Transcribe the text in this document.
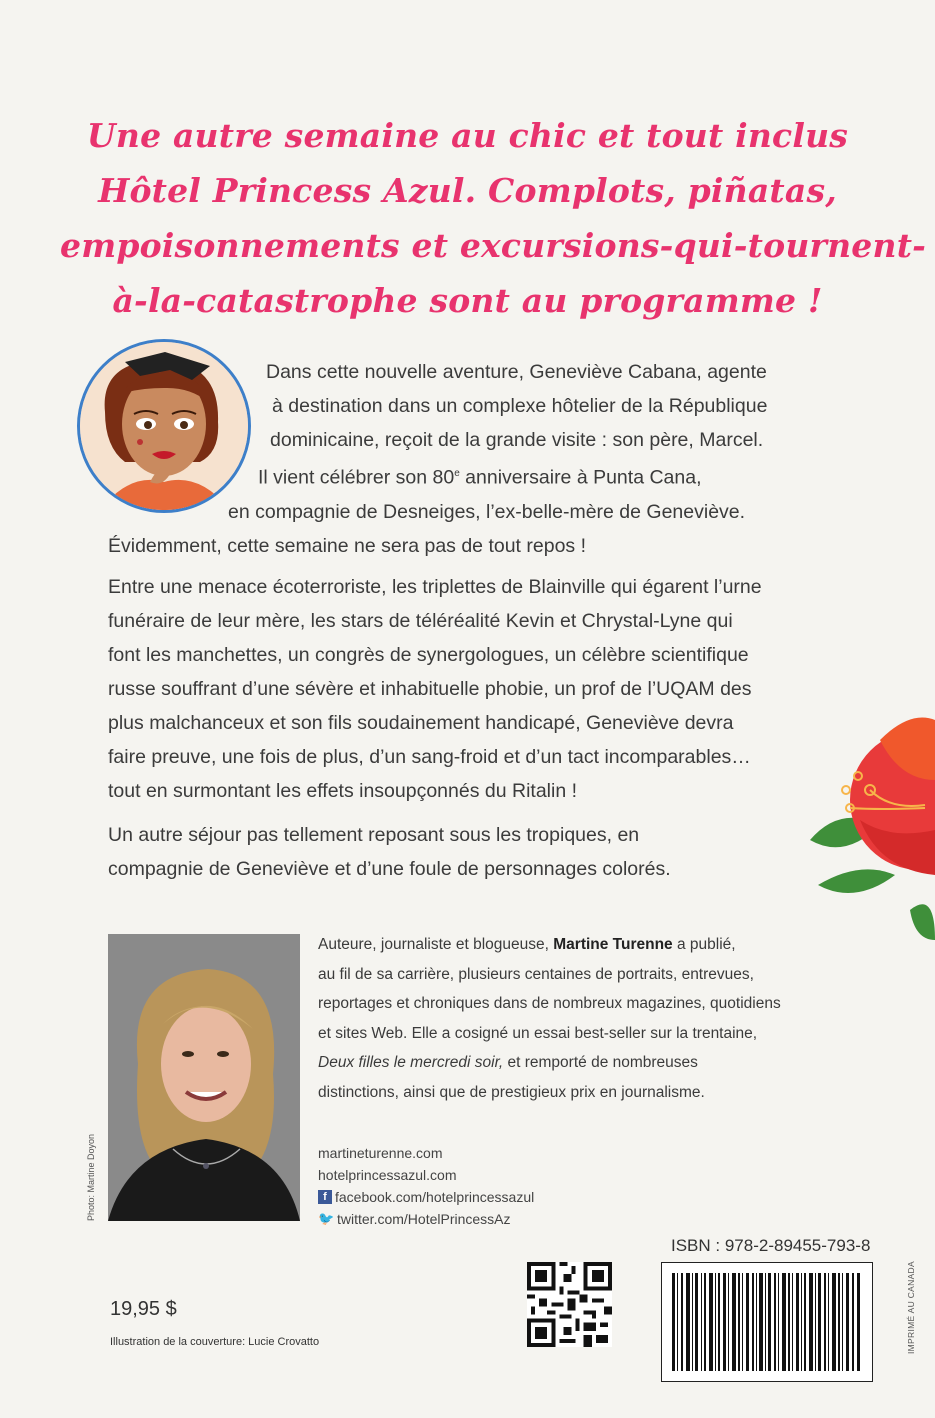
Une autre semaine au chic et tout inclus
Hôtel Princess Azul. Complots, piñatas,
empoisonnements et excursions-qui-tournent-
à-la-catastrophe sont au programme !
Dans cette nouvelle aventure, Geneviève Cabana, agente
à destination dans un complexe hôtelier de la République
dominicaine, reçoit de la grande visite : son père, Marcel.
Il vient célébrer son 80e anniversaire à Punta Cana,
en compagnie de Desneiges, l’ex-belle-mère de Geneviève.
Évidemment, cette semaine ne sera pas de tout repos !
Entre une menace écoterroriste, les triplettes de Blainville qui égarent l’urne
funéraire de leur mère, les stars de téléréalité Kevin et Chrystal-Lyne qui
font les manchettes, un congrès de synergologues, un célèbre scientifique
russe souffrant d’une sévère et inhabituelle phobie, un prof de l’UQAM des
plus malchanceux et son fils soudainement handicapé, Geneviève devra
faire preuve, une fois de plus, d’un sang-froid et d’un tact incomparables…
tout en surmontant les effets insoupçonnés du Ritalin !
Un autre séjour pas tellement reposant sous les tropiques, en
compagnie de Geneviève et d’une foule de personnages colorés.
Photo: Martine Doyon
Auteure, journaliste et blogueuse, Martine Turenne a publié,
au fil de sa carrière, plusieurs centaines de portraits, entrevues,
reportages et chroniques dans de nombreux magazines, quotidiens
et sites Web. Elle a cosigné un essai best-seller sur la trentaine,
Deux filles le mercredi soir, et remporté de nombreuses
distinctions, ainsi que de prestigieux prix en journalisme.
martineturenne.com
hotelprincessazul.com
f facebook.com/hotelprincessazul
🐦 twitter.com/HotelPrincessAz
ISBN : 978-2-89455-793-8
IMPRIMÉ AU CANADA
19,95 $
Illustration de la couverture: Lucie Crovatto
